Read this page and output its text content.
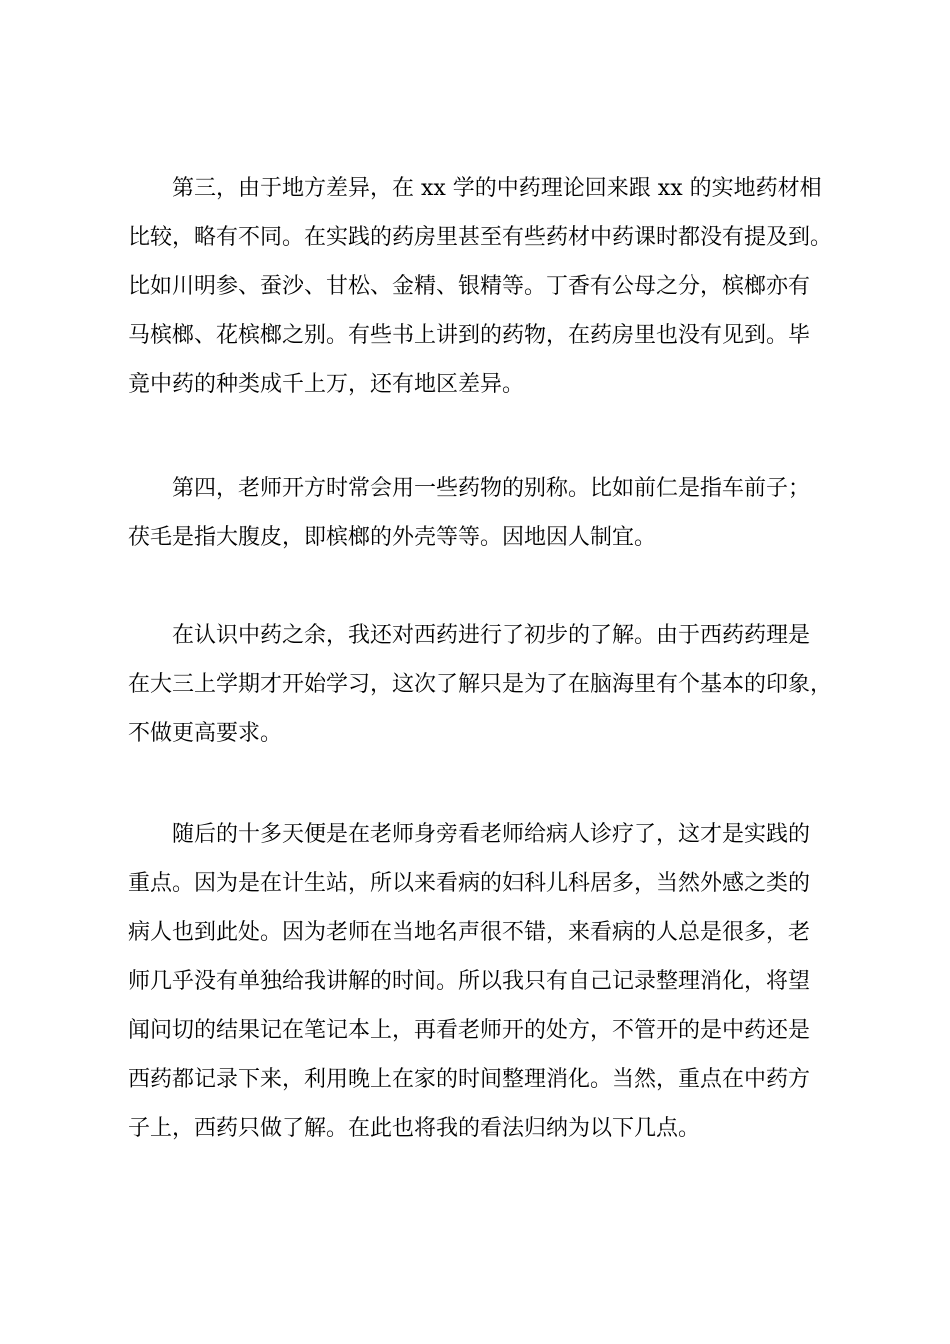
第三，由于地方差异，在 xx 学的中药理论回来跟 xx 的实地药材相
比较，略有不同。在实践的药房里甚至有些药材中药课时都没有提及到。
比如川明参、蚕沙、甘松、金精、银精等。丁香有公母之分，槟榔亦有
马槟榔、花槟榔之别。有些书上讲到的药物，在药房里也没有见到。毕
竟中药的种类成千上万，还有地区差异。
第四，老师开方时常会用一些药物的别称。比如前仁是指车前子；
茯毛是指大腹皮，即槟榔的外壳等等。因地因人制宜。
在认识中药之余，我还对西药进行了初步的了解。由于西药药理是
在大三上学期才开始学习，这次了解只是为了在脑海里有个基本的印象，
不做更高要求。
随后的十多天便是在老师身旁看老师给病人诊疗了，这才是实践的
重点。因为是在计生站，所以来看病的妇科儿科居多，当然外感之类的
病人也到此处。因为老师在当地名声很不错，来看病的人总是很多，老
师几乎没有单独给我讲解的时间。所以我只有自己记录整理消化，将望
闻问切的结果记在笔记本上，再看老师开的处方，不管开的是中药还是
西药都记录下来，利用晚上在家的时间整理消化。当然，重点在中药方
子上，西药只做了解。在此也将我的看法归纳为以下几点。
